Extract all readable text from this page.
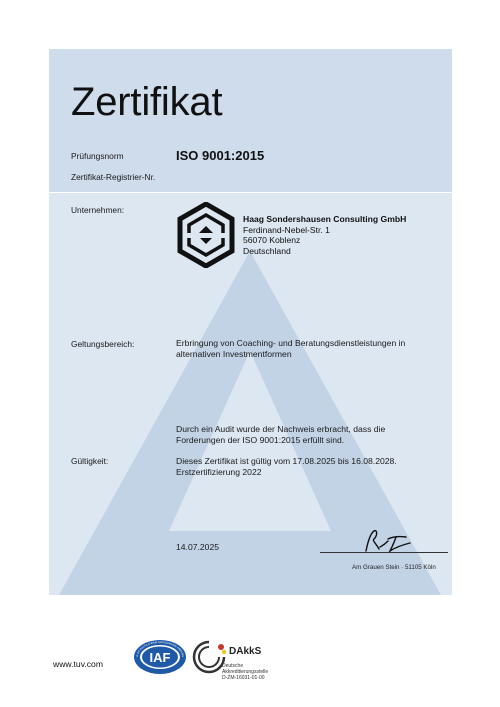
Zertifikat
Prüfungsnorm	ISO 9001:2015
Zertifikat-Registrier-Nr.
Unternehmen:
Haag Sondershausen Consulting GmbH
Ferdinand-Nebel-Str. 1
56070 Koblenz
Deutschland
Geltungsbereich:	Erbringung von Coaching- und Beratungsdienstleistungen in
alternativen Investmentformen
Durch ein Audit wurde der Nachweis erbracht, dass die
Forderungen der ISO 9001:2015 erfüllt sind.
Gültigkeit:	Dieses Zertifikat ist gültig vom 17.08.2025 bis 16.08.2028.
Erstzertifizierung 2022
14.07.2025
Am Grauen Stein · 51105 Köln
www.tuv.com	IAF
R OF MULTILATERAL RECOGNITION ARRANG	DAkkS
Deutsche
Akkreditierungsstelle
D-ZM-16031-01-00
